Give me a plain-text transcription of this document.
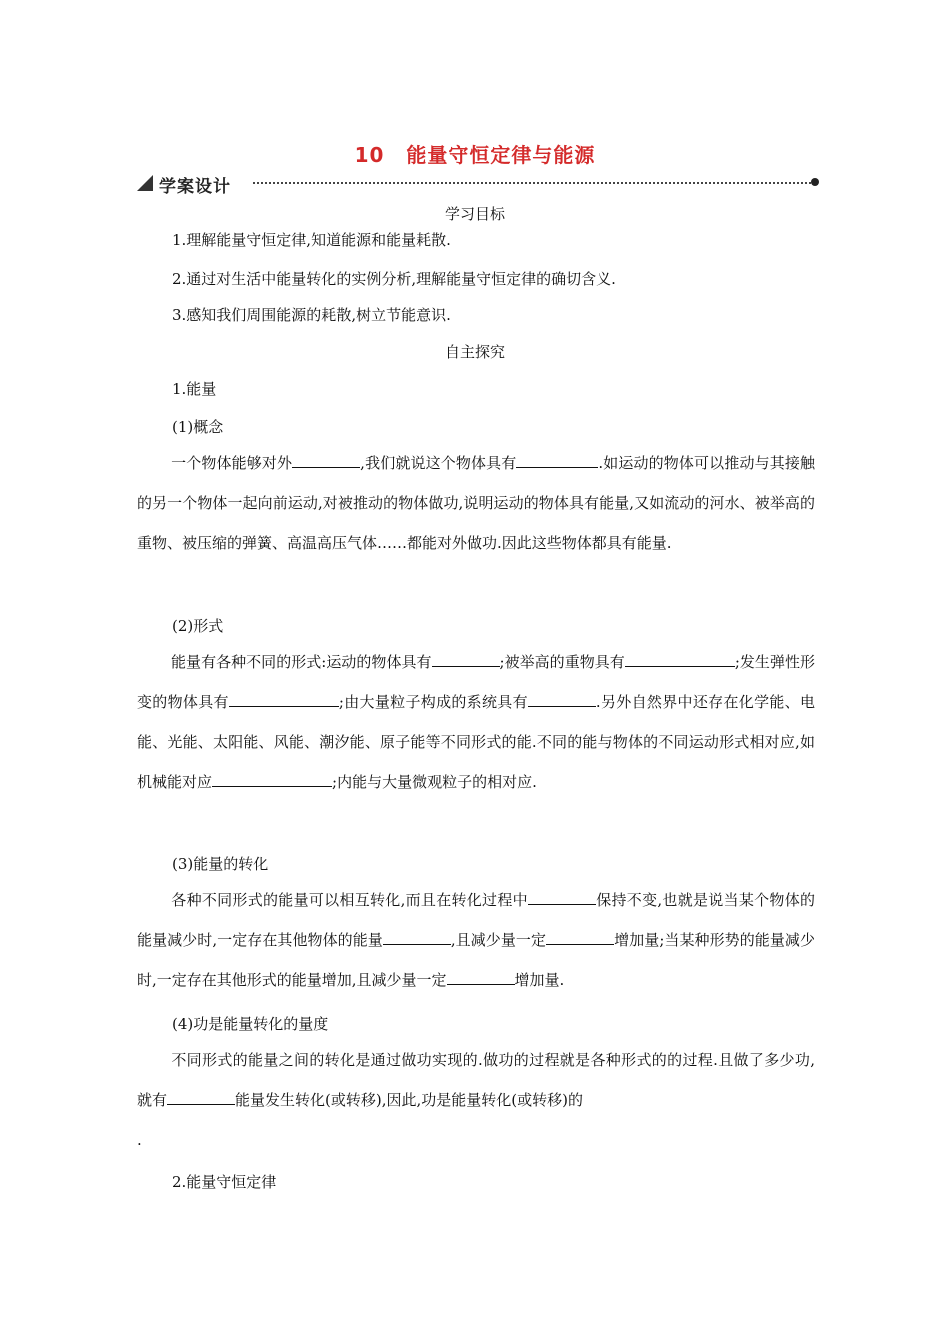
10 能量守恒定律与能源
学案设计
学习目标
1.理解能量守恒定律,知道能源和能量耗散.
2.通过对生活中能量转化的实例分析,理解能量守恒定律的确切含义.
3.感知我们周围能源的耗散,树立节能意识.
自主探究
1.能量
(1)概念
一个物体能够对外	,我们就说这个物体具有	.如运动的物体可以推动与其接触的另一个物体一起向前运动,对被推动的物体做功,说明运动的物体具有能量,又如流动的河水、被举高的重物、被压缩的弹簧、高温高压气体……都能对外做功.因此这些物体都具有能量.
(2)形式
能量有各种不同的形式:运动的物体具有	;被举高的重物具有	;发生弹性形变的物体具有	;由大量粒子构成的系统具有	.另外自然界中还存在化学能、电能、光能、太阳能、风能、潮汐能、原子能等不同形式的能.不同的能与物体的不同运动形式相对应,如机械能对应	;内能与大量微观粒子的相对应.
(3)能量的转化
各种不同形式的能量可以相互转化,而且在转化过程中	保持不变,也就是说当某个物体的能量减少时,一定存在其他物体的能量	,且减少量一定	增加量;当某种形势的能量减少时,一定存在其他形式的能量增加,且减少量一定	增加量.
(4)功是能量转化的量度
不同形式的能量之间的转化是通过做功实现的.做功的过程就是各种形式的的过程.且做了多少功,就有	能量发生转化(或转移),因此,功是能量转化(或转移)的
.
2.能量守恒定律
